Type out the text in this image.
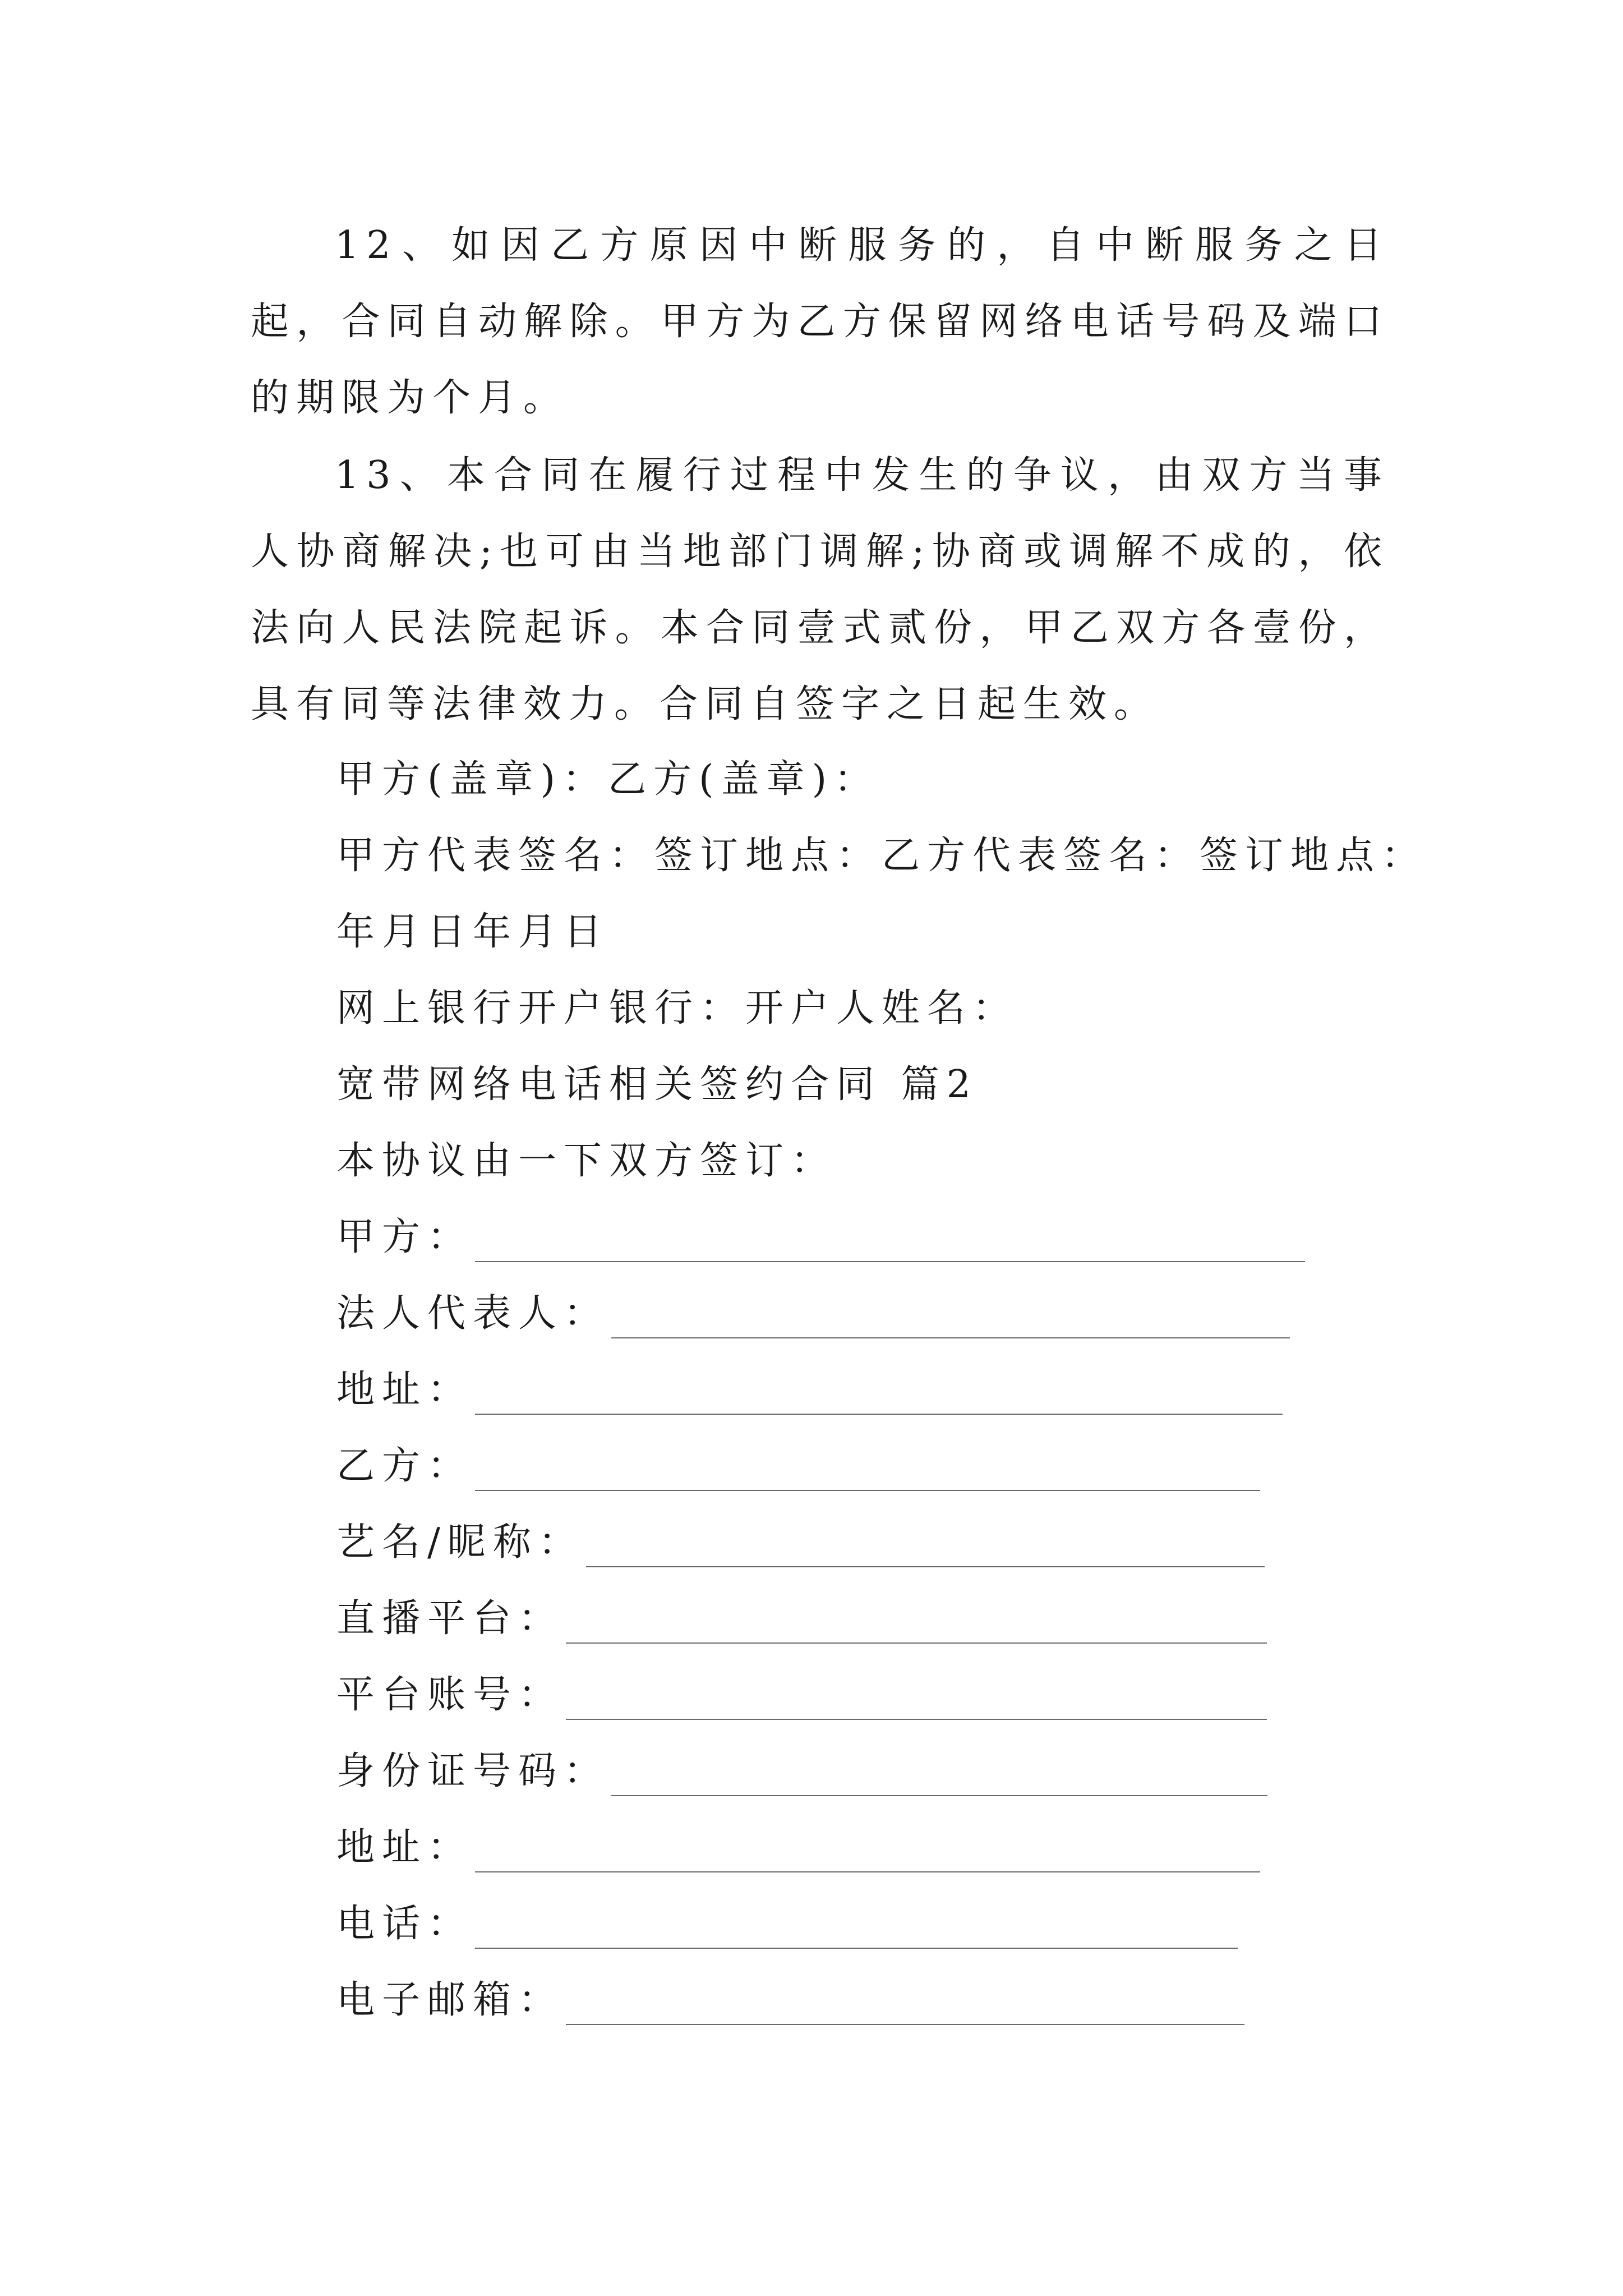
12、如因乙方原因中断服务的，自中断服务之日起，合同自动解除。甲方为乙方保留网络电话号码及端口的期限为个月。

13、本合同在履行过程中发生的争议，由双方当事人协商解决;也可由当地部门调解;协商或调解不成的，依法向人民法院起诉。本合同壹式贰份，甲乙双方各壹份，具有同等法律效力。合同自签字之日起生效。

甲方(盖章)：乙方(盖章)：

甲方代表签名：签订地点：乙方代表签名：签订地点：

年月日年月日

网上银行开户银行：开户人姓名：

宽带网络电话相关签约合同 篇2

本协议由一下双方签订：

甲方：
法人代表人：
地址：
乙方：
艺名/昵称：
直播平台：
平台账号：
身份证号码：
地址：
电话：
电子邮箱：
